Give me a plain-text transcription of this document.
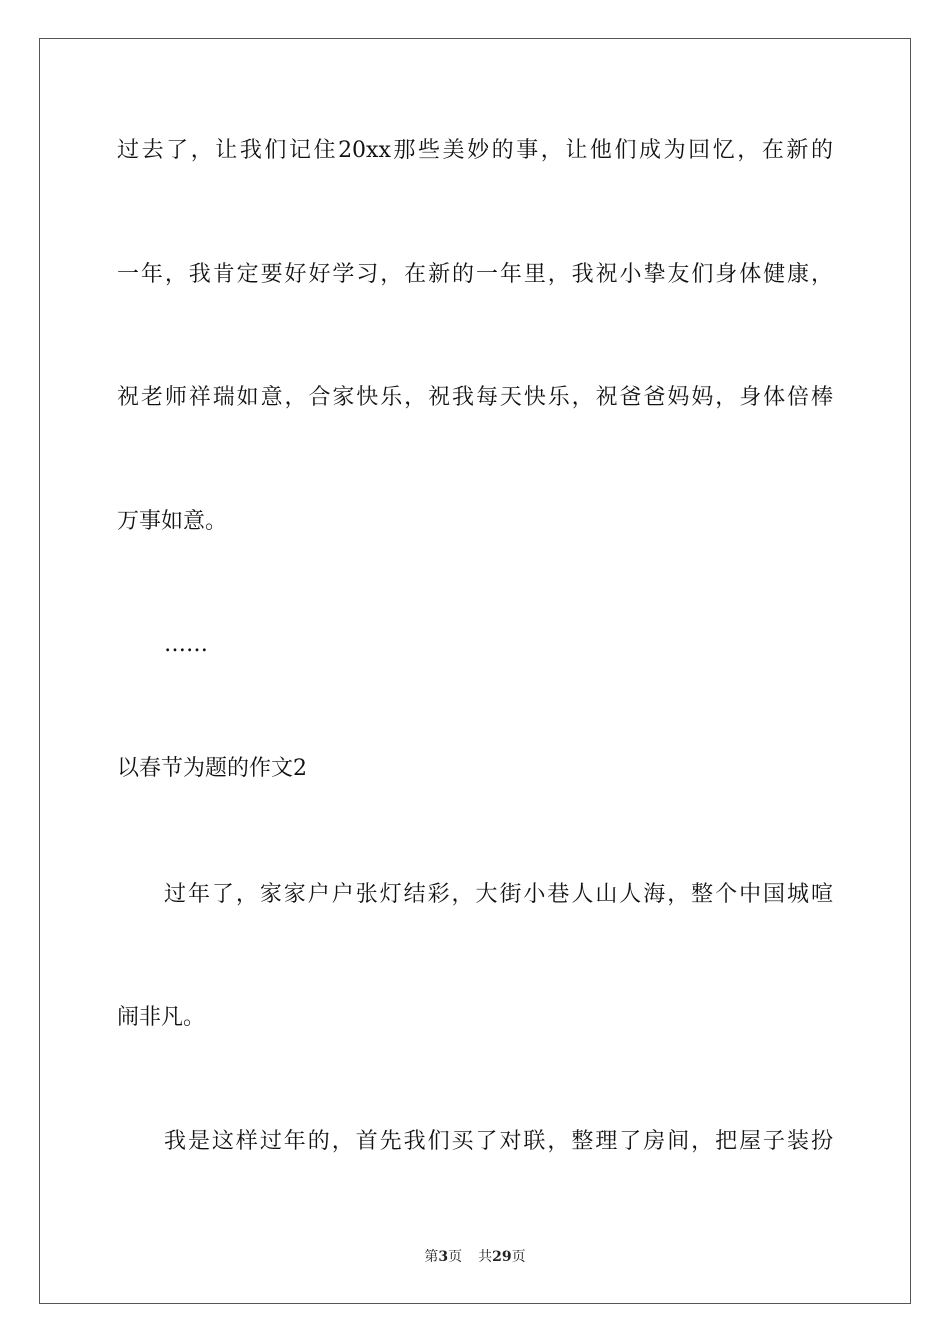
过去了，让我们记住20xx那些美妙的事，让他们成为回忆，在新的
一年，我肯定要好好学习，在新的一年里，我祝小挚友们身体健康，
祝老师祥瑞如意，合家快乐，祝我每天快乐，祝爸爸妈妈，身体倍棒
万事如意。
……
以春节为题的作文2
过年了，家家户户张灯结彩，大街小巷人山人海，整个中国城喧
闹非凡。
我是这样过年的，首先我们买了对联，整理了房间，把屋子装扮
第3页 共29页
